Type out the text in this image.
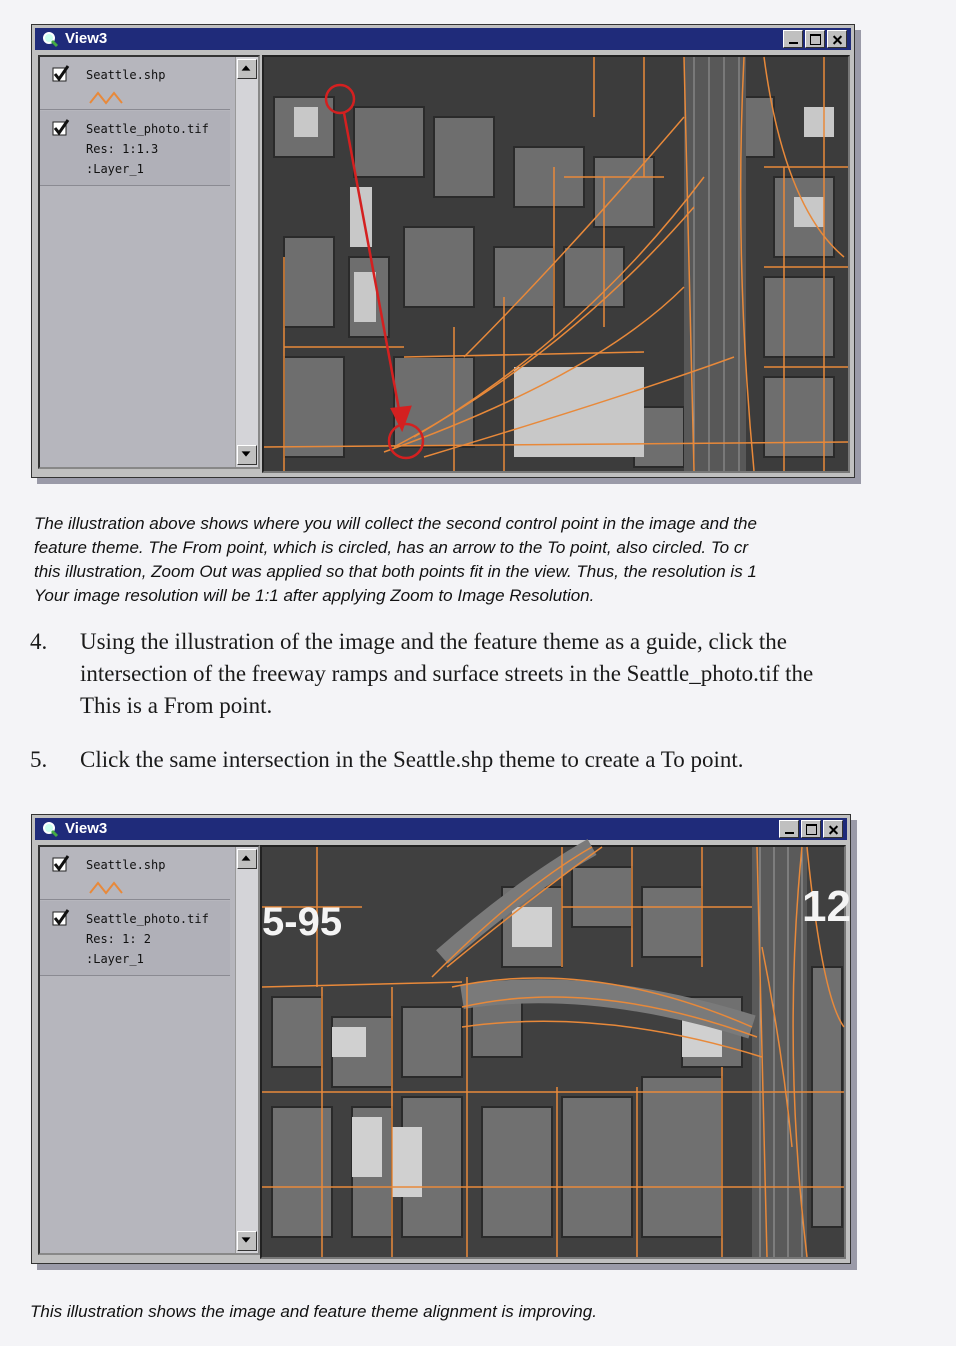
View3
Seattle.shp
Seattle_photo.tif
Res: 1:1.3
:Layer_1
The illustration above shows where you will collect the second control point in the image and the
feature theme. The From point, which is circled, has an arrow to the To point, also circled. To cr
this illustration, Zoom Out was applied so that both points fit in the view. Thus, the resolution is 1
Your image resolution will be 1:1 after applying Zoom to Image Resolution.
4. Using the illustration of the image and the feature theme as a guide, click the
intersection of the freeway ramps and surface streets in the Seattle_photo.tif the
This is a From point.
5. Click the same intersection in the Seattle.shp theme to create a To point.
View3
Seattle.shp
Seattle_photo.tif
Res: 1: 2
:Layer_1
5-95	12
This illustration shows the image and feature theme alignment is improving.
